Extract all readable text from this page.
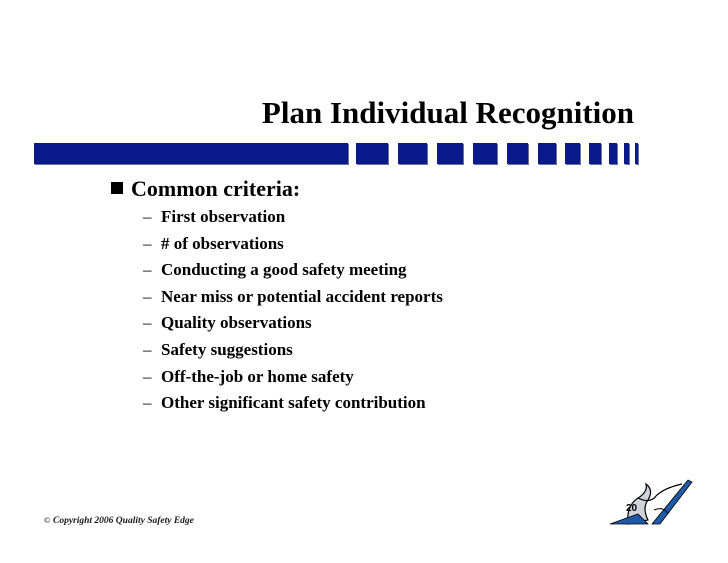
Plan Individual Recognition
Common criteria:
– First observation
– # of observations
– Conducting a good safety meeting
– Near miss or potential accident reports
– Quality observations
– Safety suggestions
– Off-the-job or home safety
– Other significant safety contribution
© Copyright 2006 Quality Safety Edge
20
